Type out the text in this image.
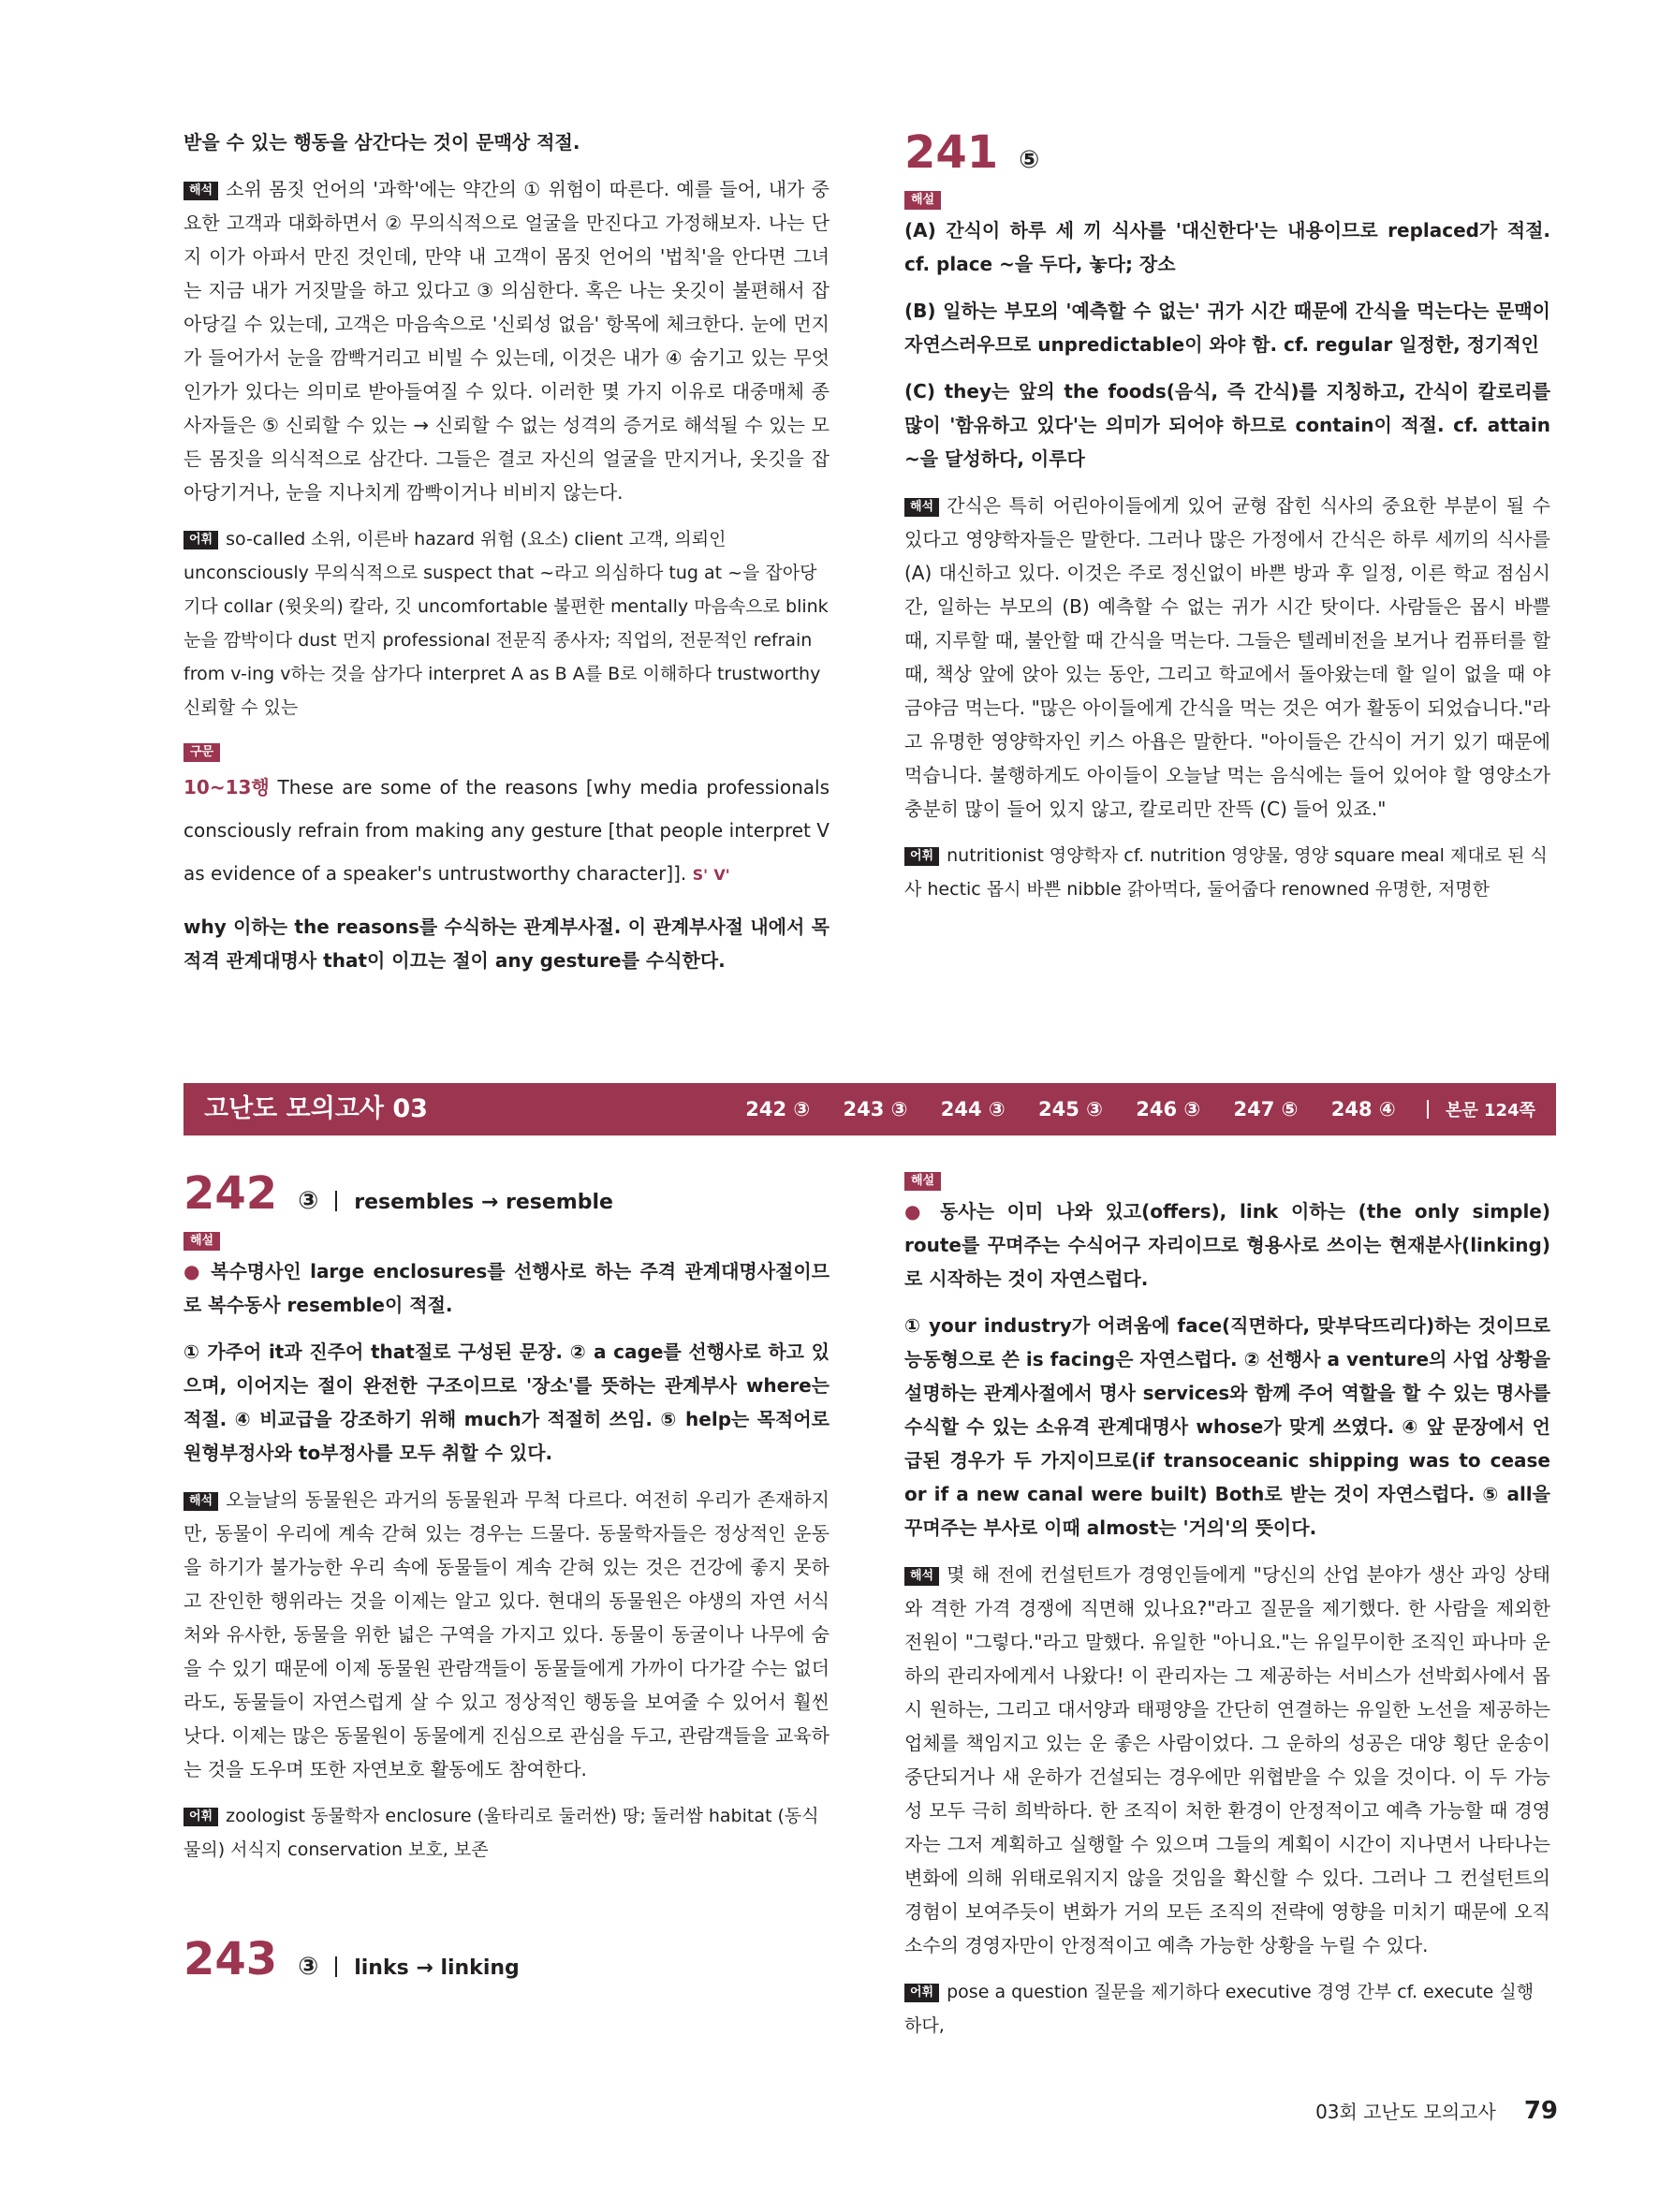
받을 수 있는 행동을 삼간다는 것이 문맥상 적절.

해석 소위 몸짓 언어의 '과학'에는 약간의 ① 위험이 따른다. 예를 들어, 내가 중요한 고객과 대화하면서 ② 무의식적으로 얼굴을 만진다고 가정해보자. 나는 단지 이가 아파서 만진 것인데, 만약 내 고객이 몸짓 언어의 '법칙'을 안다면 그녀는 지금 내가 거짓말을 하고 있다고 ③ 의심한다. 혹은 나는 옷깃이 불편해서 잡아당길 수 있는데, 고객은 마음속으로 '신뢰성 없음' 항목에 체크한다. 눈에 먼지가 들어가서 눈을 깜빡거리고 비빌 수 있는데, 이것은 내가 ④ 숨기고 있는 무엇인가가 있다는 의미로 받아들여질 수 있다. 이러한 몇 가지 이유로 대중매체 종사자들은 ⑤ 신뢰할 수 있는 → 신뢰할 수 없는 성격의 증거로 해석될 수 있는 모든 몸짓을 의식적으로 삼간다. 그들은 결코 자신의 얼굴을 만지거나, 옷깃을 잡아당기거나, 눈을 지나치게 깜빡이거나 비비지 않는다.

어휘 so-called 소위, 이른바 hazard 위험 (요소) client 고객, 의뢰인 unconsciously 무의식적으로 suspect that ~라고 의심하다 tug at ~을 잡아당기다 collar (윗옷의) 칼라, 깃 uncomfortable 불편한 mentally 마음속으로 blink 눈을 깜박이다 dust 먼지 professional 전문직 종사자; 직업의, 전문적인 refrain from v-ing v하는 것을 삼가다 interpret A as B A를 B로 이해하다 trustworthy 신뢰할 수 있는

구문

10~13행 These are some of the reasons [why media professionals consciously refrain from making any gesture [that people interpret V as evidence of a speaker's untrustworthy character]]. S' V'

why 이하는 the reasons를 수식하는 관계부사절. 이 관계부사절 내에서 목적격 관계대명사 that이 이끄는 절이 any gesture를 수식한다.

241 ⑤
해설

(A) 간식이 하루 세 끼 식사를 '대신한다'는 내용이므로 replaced가 적절. cf. place ~을 두다, 놓다; 장소

(B) 일하는 부모의 '예측할 수 없는' 귀가 시간 때문에 간식을 먹는다는 문맥이 자연스러우므로 unpredictable이 와야 함. cf. regular 일정한, 정기적인

(C) they는 앞의 the foods(음식, 즉 간식)를 지칭하고, 간식이 칼로리를 많이 '함유하고 있다'는 의미가 되어야 하므로 contain이 적절. cf. attain ~을 달성하다, 이루다

해석 간식은 특히 어린아이들에게 있어 균형 잡힌 식사의 중요한 부분이 될 수 있다고 영양학자들은 말한다. 그러나 많은 가정에서 간식은 하루 세끼의 식사를 (A) 대신하고 있다. 이것은 주로 정신없이 바쁜 방과 후 일정, 이른 학교 점심시간, 일하는 부모의 (B) 예측할 수 없는 귀가 시간 탓이다. 사람들은 몹시 바쁠 때, 지루할 때, 불안할 때 간식을 먹는다. 그들은 텔레비전을 보거나 컴퓨터를 할 때, 책상 앞에 앉아 있는 동안, 그리고 학교에서 돌아왔는데 할 일이 없을 때 야금야금 먹는다. "많은 아이들에게 간식을 먹는 것은 여가 활동이 되었습니다."라고 유명한 영양학자인 키스 아욥은 말한다. "아이들은 간식이 거기 있기 때문에 먹습니다. 불행하게도 아이들이 오늘날 먹는 음식에는 들어 있어야 할 영양소가 충분히 많이 들어 있지 않고, 칼로리만 잔뜩 (C) 들어 있죠."

어휘 nutritionist 영양학자 cf. nutrition 영양물, 영양 square meal 제대로 된 식사 hectic 몹시 바쁜 nibble 갉아먹다, 둘어줍다 renowned 유명한, 저명한

고난도 모의고사 03	242 ③ 243 ③ 244 ③ 245 ③ 246 ③ 247 ⑤ 248 ④	본문 124쪽
242 ③ resembles → resemble
해설

● 복수명사인 large enclosures를 선행사로 하는 주격 관계대명사절이므로 복수동사 resemble이 적절.

① 가주어 it과 진주어 that절로 구성된 문장. ② a cage를 선행사로 하고 있으며, 이어지는 절이 완전한 구조이므로 '장소'를 뜻하는 관계부사 where는 적절. ④ 비교급을 강조하기 위해 much가 적절히 쓰임. ⑤ help는 목적어로 원형부정사와 to부정사를 모두 취할 수 있다.

해석 오늘날의 동물원은 과거의 동물원과 무척 다르다. 여전히 우리가 존재하지만, 동물이 우리에 계속 갇혀 있는 경우는 드물다. 동물학자들은 정상적인 운동을 하기가 불가능한 우리 속에 동물들이 계속 갇혀 있는 것은 건강에 좋지 못하고 잔인한 행위라는 것을 이제는 알고 있다. 현대의 동물원은 야생의 자연 서식처와 유사한, 동물을 위한 넓은 구역을 가지고 있다. 동물이 동굴이나 나무에 숨을 수 있기 때문에 이제 동물원 관람객들이 동물들에게 가까이 다가갈 수는 없더라도, 동물들이 자연스럽게 살 수 있고 정상적인 행동을 보여줄 수 있어서 훨씬 낫다. 이제는 많은 동물원이 동물에게 진심으로 관심을 두고, 관람객들을 교육하는 것을 도우며 또한 자연보호 활동에도 참여한다.

어휘 zoologist 동물학자 enclosure (울타리로 둘러싼) 땅; 둘러쌈 habitat (동식물의) 서식지 conservation 보호, 보존

243 ③ links → linking
해설

● 동사는 이미 나와 있고(offers), link 이하는 (the only simple) route를 꾸며주는 수식어구 자리이므로 형용사로 쓰이는 현재분사(linking)로 시작하는 것이 자연스럽다.

① your industry가 어려움에 face(직면하다, 맞부닥뜨리다)하는 것이므로 능동형으로 쓴 is facing은 자연스럽다. ② 선행사 a venture의 사업 상황을 설명하는 관계사절에서 명사 services와 함께 주어 역할을 할 수 있는 명사를 수식할 수 있는 소유격 관계대명사 whose가 맞게 쓰였다. ④ 앞 문장에서 언급된 경우가 두 가지이므로(if transoceanic shipping was to cease or if a new canal were built) Both로 받는 것이 자연스럽다. ⑤ all을 꾸며주는 부사로 이때 almost는 '거의'의 뜻이다.

해석 몇 해 전에 컨설턴트가 경영인들에게 "당신의 산업 분야가 생산 과잉 상태와 격한 가격 경쟁에 직면해 있나요?"라고 질문을 제기했다. 한 사람을 제외한 전원이 "그렇다."라고 말했다. 유일한 "아니요."는 유일무이한 조직인 파나마 운하의 관리자에게서 나왔다! 이 관리자는 그 제공하는 서비스가 선박회사에서 몹시 원하는, 그리고 대서양과 태평양을 간단히 연결하는 유일한 노선을 제공하는 업체를 책임지고 있는 운 좋은 사람이었다. 그 운하의 성공은 대양 횡단 운송이 중단되거나 새 운하가 건설되는 경우에만 위협받을 수 있을 것이다. 이 두 가능성 모두 극히 희박하다. 한 조직이 처한 환경이 안정적이고 예측 가능할 때 경영자는 그저 계획하고 실행할 수 있으며 그들의 계획이 시간이 지나면서 나타나는 변화에 의해 위태로워지지 않을 것임을 확신할 수 있다. 그러나 그 컨설턴트의 경험이 보여주듯이 변화가 거의 모든 조직의 전략에 영향을 미치기 때문에 오직 소수의 경영자만이 안정적이고 예측 가능한 상황을 누릴 수 있다.

어휘 pose a question 질문을 제기하다 executive 경영 간부 cf. execute 실행하다,

03회 고난도 모의고사 79
